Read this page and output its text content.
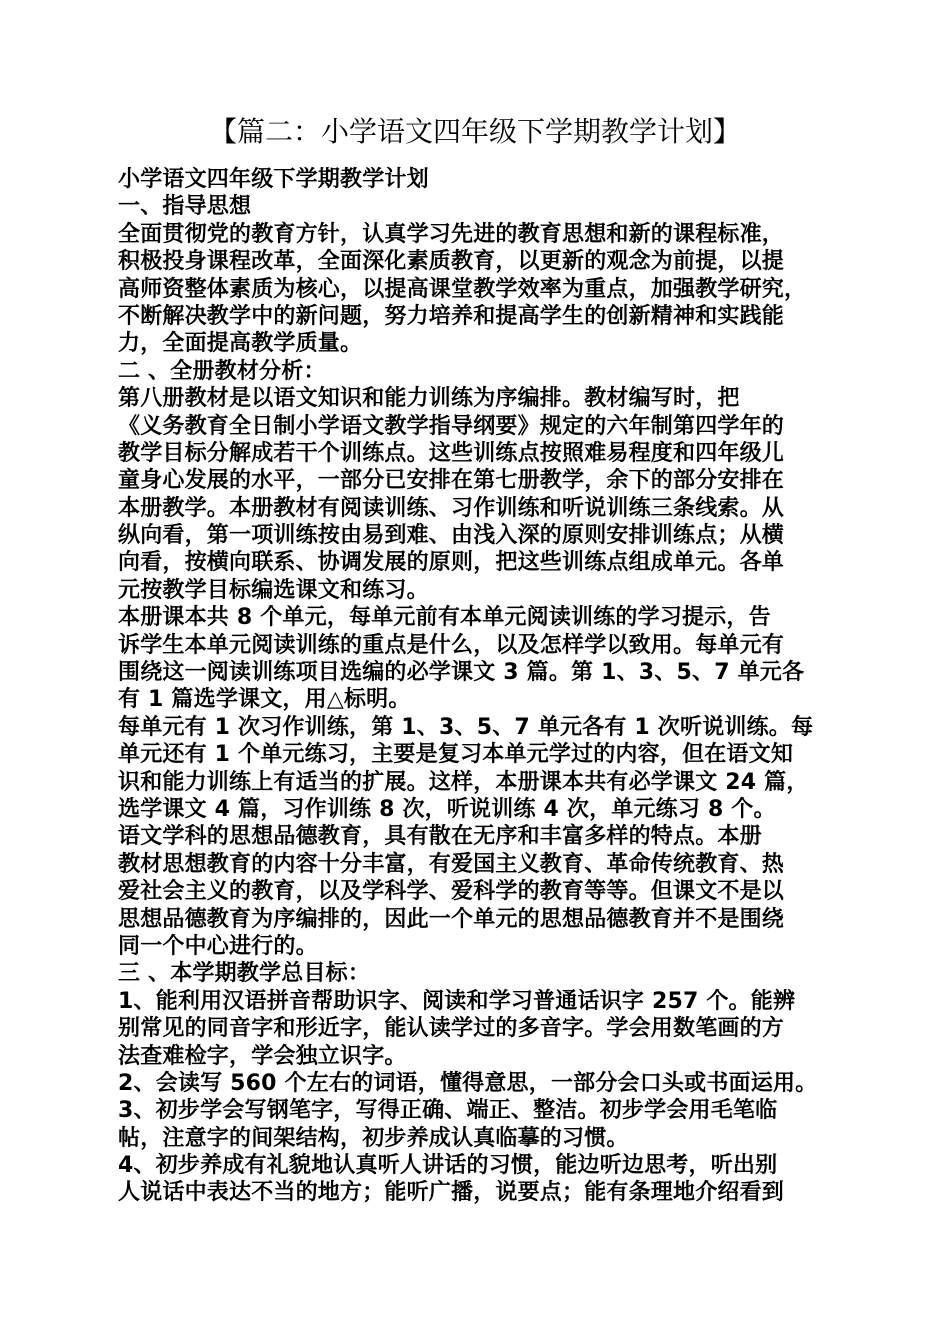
【篇二：小学语文四年级下学期教学计划】
小学语文四年级下学期教学计划
一、指导思想
全面贯彻党的教育方针，认真学习先进的教育思想和新的课程标准，
积极投身课程改革，全面深化素质教育，以更新的观念为前提，以提
高师资整体素质为核心，以提高课堂教学效率为重点，加强教学研究，
不断解决教学中的新问题，努力培养和提高学生的创新精神和实践能
力，全面提高教学质量。
二 、全册教材分析：
第八册教材是以语文知识和能力训练为序编排。教材编写时，把
《义务教育全日制小学语文教学指导纲要》规定的六年制第四学年的
教学目标分解成若干个训练点。这些训练点按照难易程度和四年级儿
童身心发展的水平，一部分已安排在第七册教学，余下的部分安排在
本册教学。本册教材有阅读训练、习作训练和听说训练三条线索。从
纵向看，第一项训练按由易到难、由浅入深的原则安排训练点；从横
向看，按横向联系、协调发展的原则，把这些训练点组成单元。各单
元按教学目标编选课文和练习。
本册课本共 8 个单元，每单元前有本单元阅读训练的学习提示，告
诉学生本单元阅读训练的重点是什么，以及怎样学以致用。每单元有
围绕这一阅读训练项目选编的必学课文 3 篇。第 1、3、5、7 单元各
有 1 篇选学课文，用△标明。
每单元有 1 次习作训练，第 1、3、5、7 单元各有 1 次听说训练。每
单元还有 1 个单元练习，主要是复习本单元学过的内容，但在语文知
识和能力训练上有适当的扩展。这样，本册课本共有必学课文 24 篇，
选学课文 4 篇，习作训练 8 次，听说训练 4 次，单元练习 8 个。
语文学科的思想品德教育，具有散在无序和丰富多样的特点。本册
教材思想教育的内容十分丰富，有爱国主义教育、革命传统教育、热
爱社会主义的教育，以及学科学、爱科学的教育等等。但课文不是以
思想品德教育为序编排的，因此一个单元的思想品德教育并不是围绕
同一个中心进行的。
三 、本学期教学总目标：
1、能利用汉语拼音帮助识字、阅读和学习普通话识字 257 个。能辨
别常见的同音字和形近字，能认读学过的多音字。学会用数笔画的方
法查难检字，学会独立识字。
2、会读写 560 个左右的词语，懂得意思，一部分会口头或书面运用。
3、初步学会写钢笔字，写得正确、端正、整洁。初步学会用毛笔临
帖，注意字的间架结构，初步养成认真临摹的习惯。
4、初步养成有礼貌地认真听人讲话的习惯，能边听边思考，听出别
人说话中表达不当的地方；能听广播，说要点；能有条理地介绍看到
